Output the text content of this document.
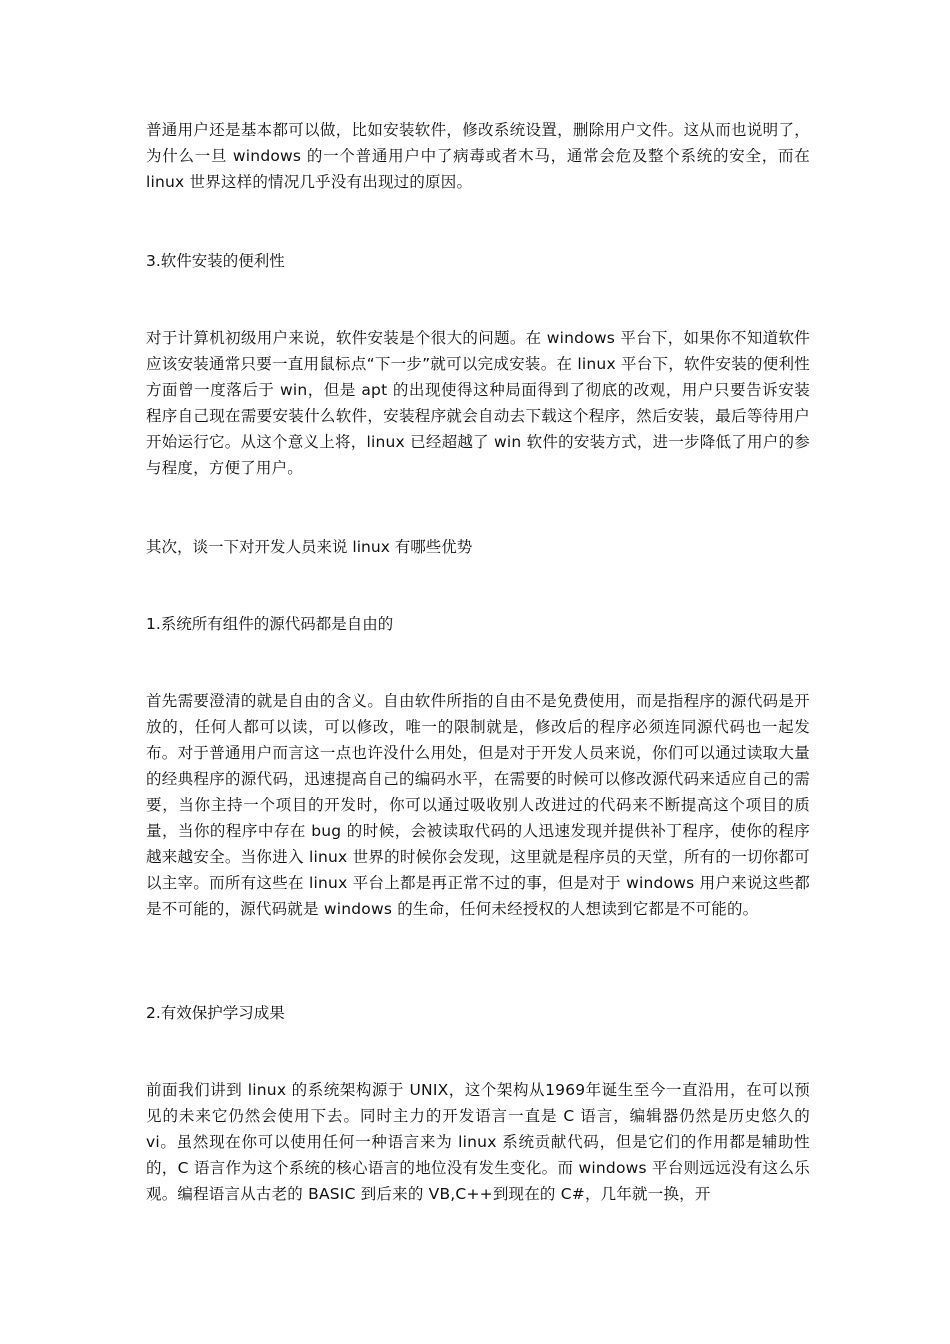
普通用户还是基本都可以做，比如安装软件，修改系统设置，删除用户文件。这从而也说明了，为什么一旦 windows 的一个普通用户中了病毒或者木马，通常会危及整个系统的安全，而在 linux 世界这样的情况几乎没有出现过的原因。

3.软件安装的便利性

对于计算机初级用户来说，软件安装是个很大的问题。在 windows 平台下，如果你不知道软件应该安装通常只要一直用鼠标点“下一步”就可以完成安装。在 linux 平台下，软件安装的便利性方面曾一度落后于 win，但是 apt 的出现使得这种局面得到了彻底的改观，用户只要告诉安装程序自己现在需要安装什么软件，安装程序就会自动去下载这个程序，然后安装，最后等待用户开始运行它。从这个意义上将，linux 已经超越了 win 软件的安装方式，进一步降低了用户的参与程度，方便了用户。

其次，谈一下对开发人员来说 linux 有哪些优势

1.系统所有组件的源代码都是自由的

首先需要澄清的就是自由的含义。自由软件所指的自由不是免费使用，而是指程序的源代码是开放的，任何人都可以读，可以修改，唯一的限制就是，修改后的程序必须连同源代码也一起发布。对于普通用户而言这一点也许没什么用处，但是对于开发人员来说，你们可以通过读取大量的经典程序的源代码，迅速提高自己的编码水平，在需要的时候可以修改源代码来适应自己的需要，当你主持一个项目的开发时，你可以通过吸收别人改进过的代码来不断提高这个项目的质量，当你的程序中存在 bug 的时候，会被读取代码的人迅速发现并提供补丁程序，使你的程序越来越安全。当你进入 linux 世界的时候你会发现，这里就是程序员的天堂，所有的一切你都可以主宰。而所有这些在 linux 平台上都是再正常不过的事，但是对于 windows 用户来说这些都是不可能的，源代码就是 windows 的生命，任何未经授权的人想读到它都是不可能的。

2.有效保护学习成果

前面我们讲到 linux 的系统架构源于 UNIX，这个架构从1969年诞生至今一直沿用，在可以预见的未来它仍然会使用下去。同时主力的开发语言一直是 C 语言，编辑器仍然是历史悠久的 vi。虽然现在你可以使用任何一种语言来为 linux 系统贡献代码，但是它们的作用都是辅助性的，C 语言作为这个系统的核心语言的地位没有发生变化。而 windows 平台则远远没有这么乐观。编程语言从古老的 BASIC 到后来的 VB,C++到现在的 C#，几年就一换，开
